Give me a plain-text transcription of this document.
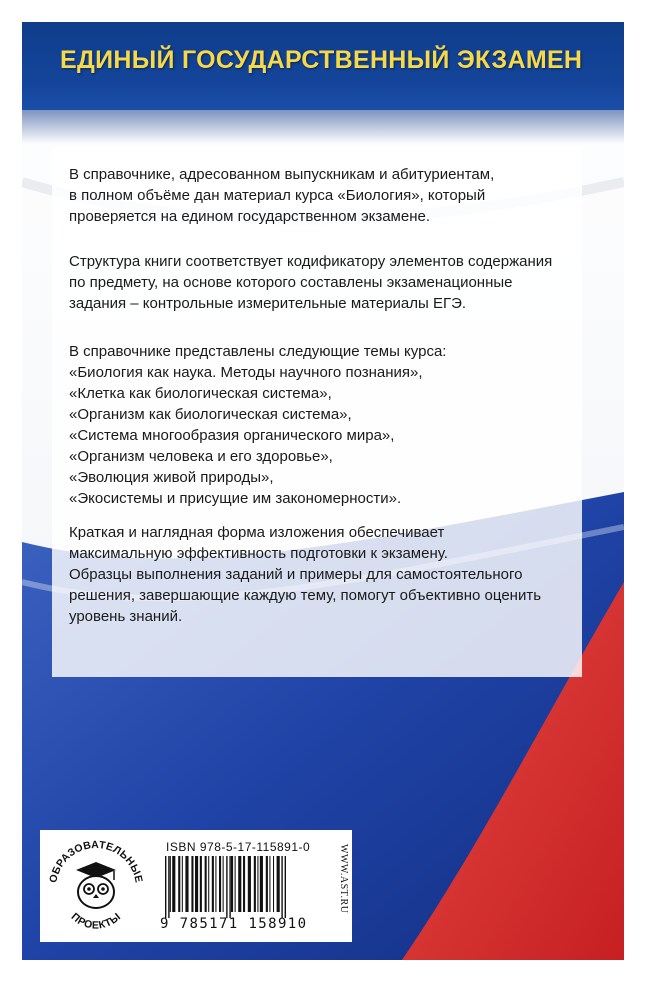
ЕДИНЫЙ ГОСУДАРСТВЕННЫЙ ЭКЗАМЕН

В справочнике, адресованном выпускникам и абитуриентам,
в полном объёме дан материал курса «Биология», который
проверяется на едином государственном экзамене.

Структура книги соответствует кодификатору элементов содержания
по предмету, на основе которого составлены экзаменационные
задания – контрольные измерительные материалы ЕГЭ.

В справочнике представлены следующие темы курса:
«Биология как наука. Методы научного познания»,
«Клетка как биологическая система»,
«Организм как биологическая система»,
«Система многообразия органического мира»,
«Организм человека и его здоровье»,
«Эволюция живой природы»,
«Экосистемы и присущие им закономерности».

Краткая и наглядная форма изложения обеспечивает
максимальную эффективность подготовки к экзамену.
Образцы выполнения заданий и примеры для самостоятельного
решения, завершающие каждую тему, помогут объективно оценить
уровень знаний.

ОБРАЗОВАТЕЛЬНЫЕ
ПРОЕКТЫ
ISBN 978-5-17-115891-0
9 785171 158910
WWW.AST.RU
